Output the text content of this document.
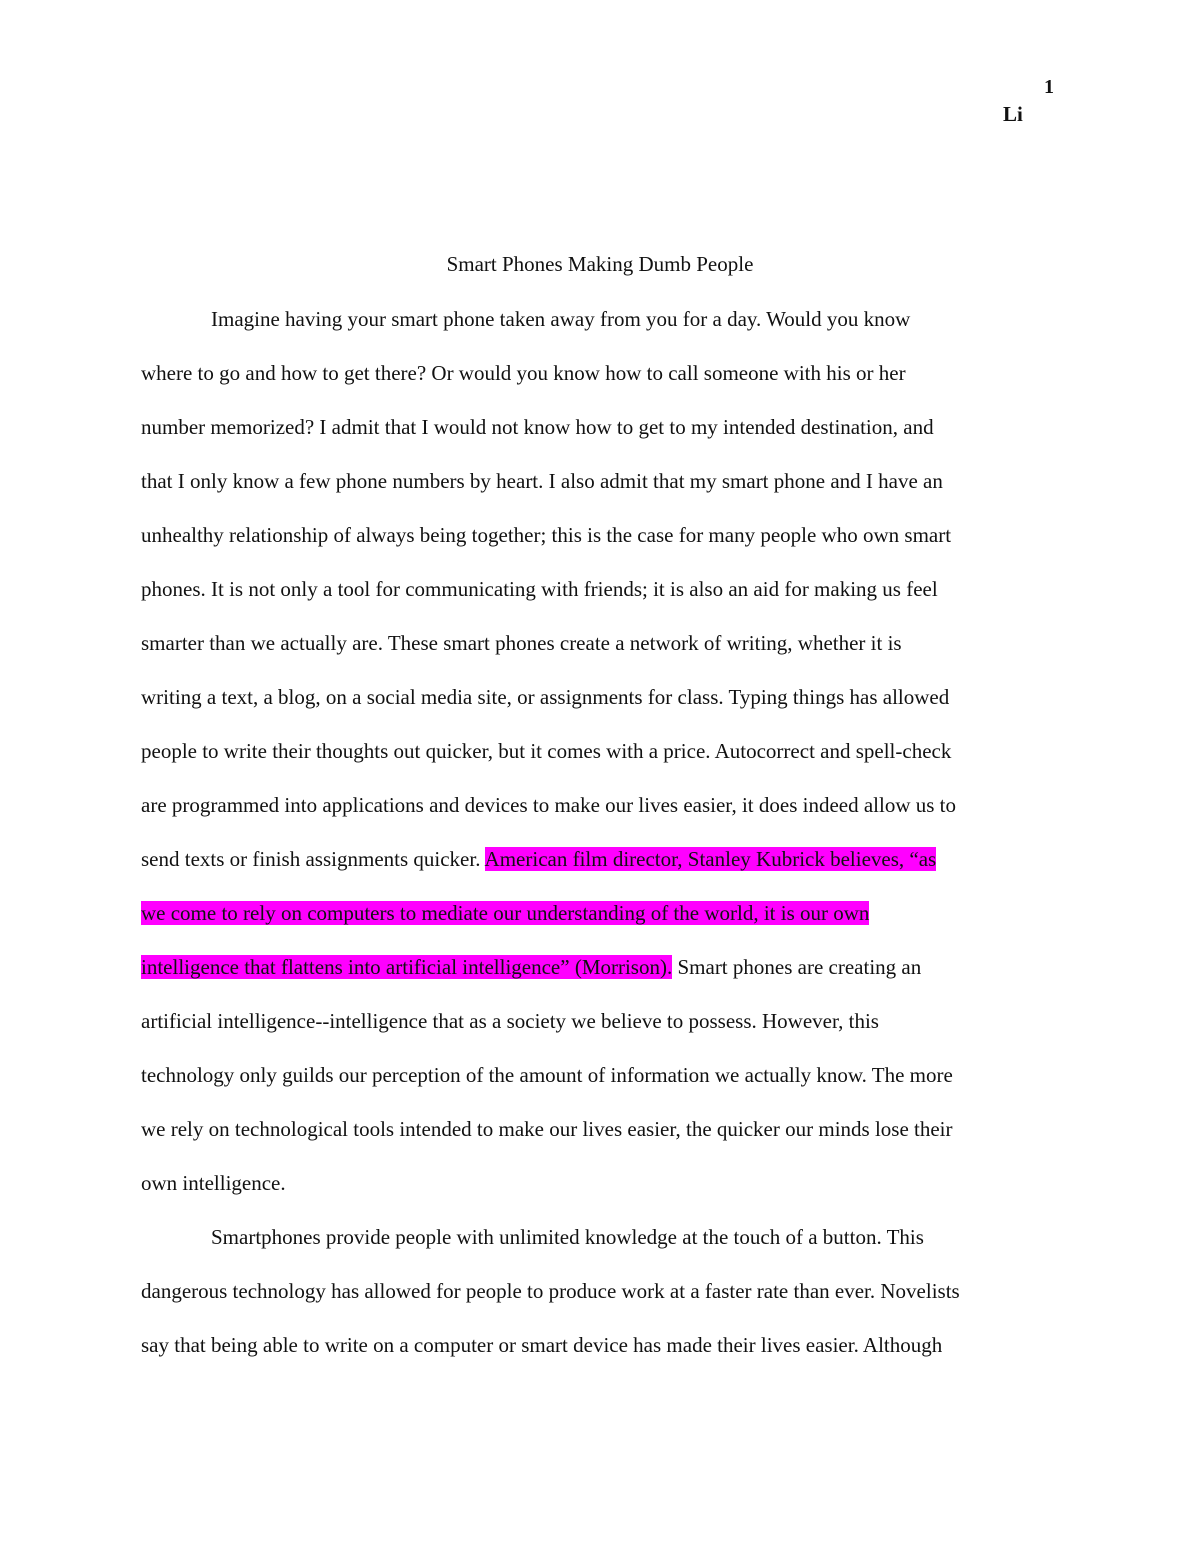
1
Li
Smart Phones Making Dumb People
Imagine having your smart phone taken away from you for a day. Would you know
where to go and how to get there? Or would you know how to call someone with his or her
number memorized? I admit that I would not know how to get to my intended destination, and
that I only know a few phone numbers by heart. I also admit that my smart phone and I have an
unhealthy relationship of always being together; this is the case for many people who own smart
phones. It is not only a tool for communicating with friends; it is also an aid for making us feel
smarter than we actually are. These smart phones create a network of writing, whether it is
writing a text, a blog, on a social media site, or assignments for class. Typing things has allowed
people to write their thoughts out quicker, but it comes with a price. Autocorrect and spell-check
are programmed into applications and devices to make our lives easier, it does indeed allow us to
send texts or finish assignments quicker. American film director, Stanley Kubrick believes, “as
we come to rely on computers to mediate our understanding of the world, it is our own
intelligence that flattens into artificial intelligence” (Morrison). Smart phones are creating an
artificial intelligence--intelligence that as a society we believe to possess. However, this
technology only guilds our perception of the amount of information we actually know. The more
we rely on technological tools intended to make our lives easier, the quicker our minds lose their
own intelligence.
Smartphones provide people with unlimited knowledge at the touch of a button. This
dangerous technology has allowed for people to produce work at a faster rate than ever. Novelists
say that being able to write on a computer or smart device has made their lives easier. Although
